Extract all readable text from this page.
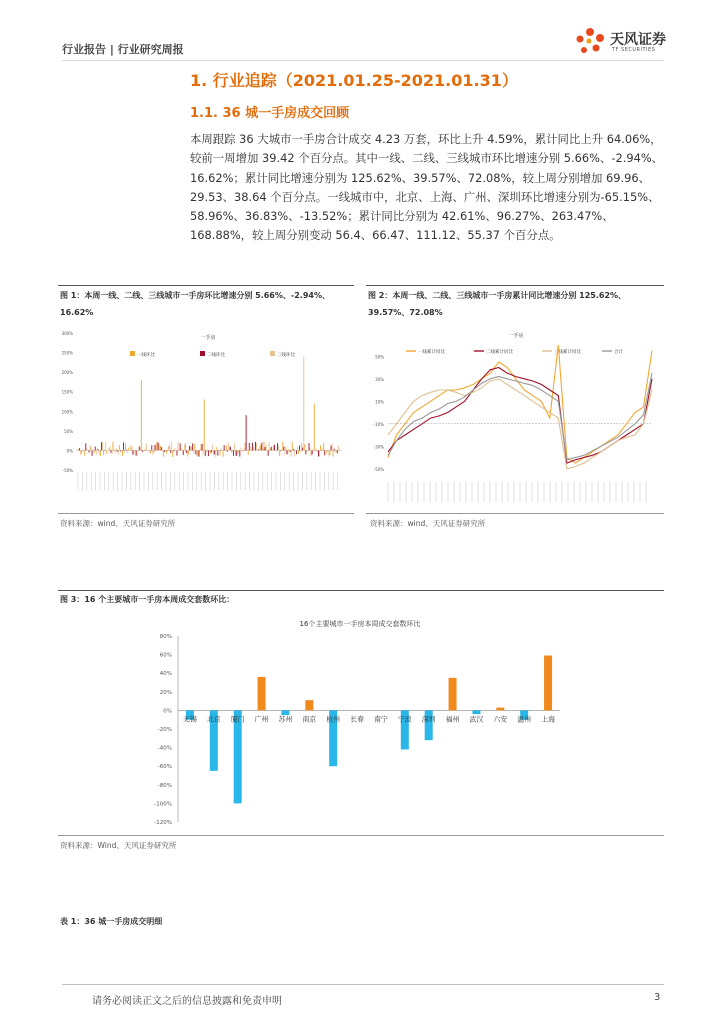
行业报告 | 行业研究周报
天风证券
TF SECURITIES
1. 行业追踪（2021.01.25-2021.01.31）
1.1. 36 城一手房成交回顾
本周跟踪 36 大城市一手房合计成交 4.23 万套，环比上升 4.59%，累计同比上升 64.06%，较前一周增加 39.42 个百分点。其中一线、二线、三线城市环比增速分别 5.66%、-2.94%、16.62%；累计同比增速分别为 125.62%、39.57%、72.08%，较上周分别增加 69.96、29.53、38.64 个百分点。一线城市中，北京、上海、广州、深圳环比增速分别为-65.15%、58.96%、36.83%、-13.52%；累计同比分别为 42.61%、96.27%、263.47%、168.88%，较上周分别变动 56.4、66.47、111.12、55.37 个百分点。
图 1：本周一线、二线、三线城市一手房环比增速分别 5.66%、-2.94%、16.62%
300%
250%
200%
150%
100%
50%
0%
-50%
一手房
一线环比	二线环比	三线环比
资料来源：wind、天风证券研究所
图 2：本周一线、二线、三线城市一手房累计同比增速分别 125.62%、39.57%、72.08%
一手房
50%
30%
10%
-10%
-30%
-50%
一线累计同比	二线累计同比	三线累计同比	合计
资料来源：wind、天风证券研究所
图 3：16 个主要城市一手房本周成交套数环比：
16个主要城市一手房本周成交套数环比
80%
60%
40%
20%
0%
-20%
-40%
-60%
-80%
-100%
-120%
无锡 北京 厦门 广州 苏州 南京 杭州 长春 南宁 宁波 深圳 福州 武汉 六安 温州 上海
资料来源：Wind、天风证券研究所
表 1：36 城一手房成交明细
请务必阅读正文之后的信息披露和免责申明	3
